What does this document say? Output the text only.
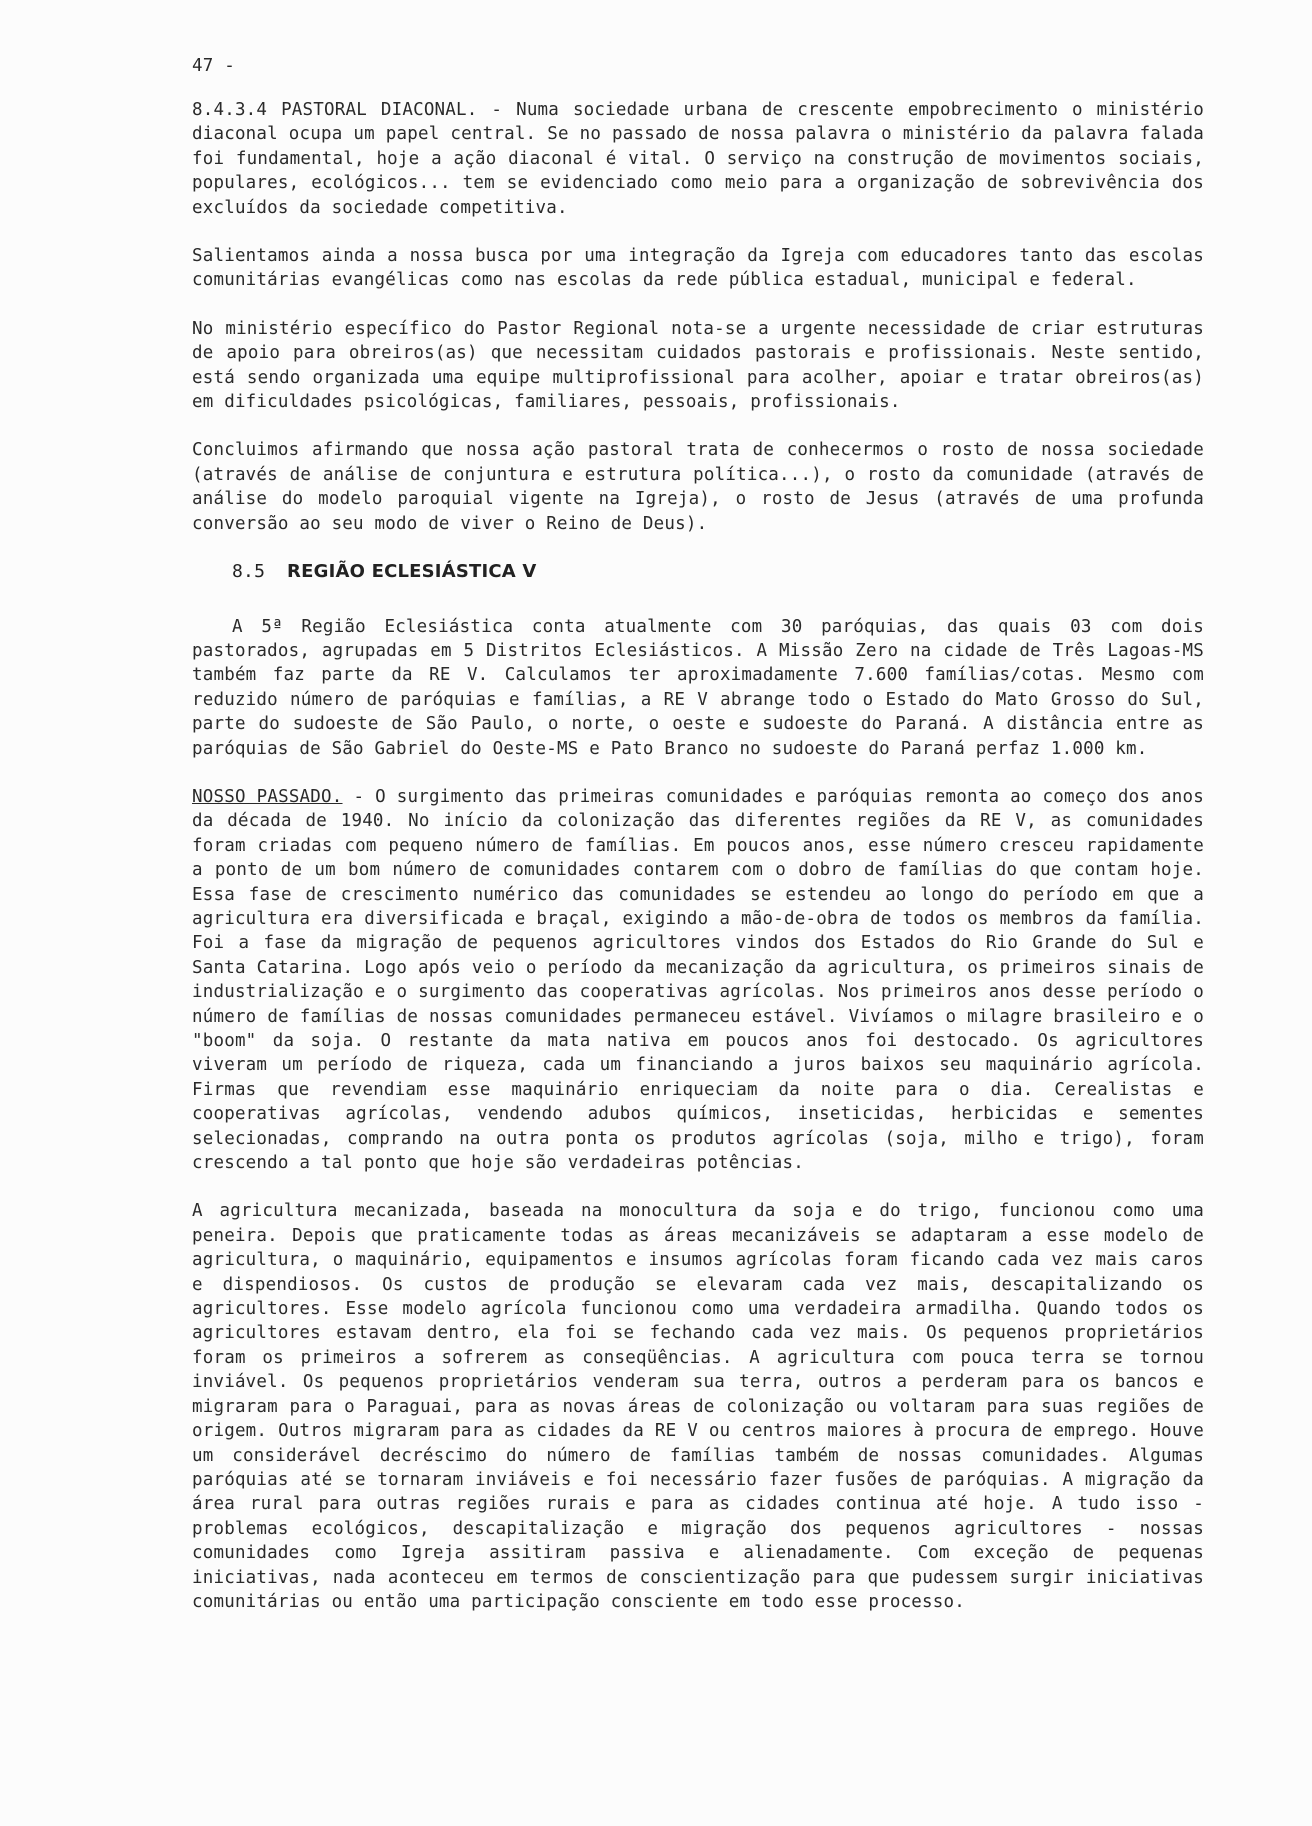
47 -

8.4.3.4 PASTORAL DIACONAL. - Numa sociedade urbana de crescente empobrecimento o ministério diaconal ocupa um papel central. Se no passado de nossa palavra o ministério da palavra falada foi fundamental, hoje a ação diaconal é vital. O serviço na construção de movimentos sociais, populares, ecológicos... tem se evidenciado como meio para a organização de sobrevivência dos excluídos da sociedade competitiva.

Salientamos ainda a nossa busca por uma integração da Igreja com educadores tanto das escolas comunitárias evangélicas como nas escolas da rede pública estadual, municipal e federal.

No ministério específico do Pastor Regional nota-se a urgente necessidade de criar estruturas de apoio para obreiros(as) que necessitam cuidados pastorais e profissionais. Neste sentido, está sendo organizada uma equipe multiprofissional para acolher, apoiar e tratar obreiros(as) em dificuldades psicológicas, familiares, pessoais, profissionais.

Concluimos afirmando que nossa ação pastoral trata de conhecermos o rosto de nossa sociedade (através de análise de conjuntura e estrutura política...), o rosto da comunidade (através de análise do modelo paroquial vigente na Igreja), o rosto de Jesus (através de uma profunda conversão ao seu modo de viver o Reino de Deus).

8.5 REGIÃO ECLESIÁSTICA V

A 5ª Região Eclesiástica conta atualmente com 30 paróquias, das quais 03 com dois pastorados, agrupadas em 5 Distritos Eclesiásticos. A Missão Zero na cidade de Três Lagoas-MS também faz parte da RE V. Calculamos ter aproximadamente 7.600 famílias/cotas. Mesmo com reduzido número de paróquias e famílias, a RE V abrange todo o Estado do Mato Grosso do Sul, parte do sudoeste de São Paulo, o norte, o oeste e sudoeste do Paraná. A distância entre as paróquias de São Gabriel do Oeste-MS e Pato Branco no sudoeste do Paraná perfaz 1.000 km.

NOSSO PASSADO. - O surgimento das primeiras comunidades e paróquias remonta ao começo dos anos da década de 1940. No início da colonização das diferentes regiões da RE V, as comunidades foram criadas com pequeno número de famílias. Em poucos anos, esse número cresceu rapidamente a ponto de um bom número de comunidades contarem com o dobro de famílias do que contam hoje. Essa fase de crescimento numérico das comunidades se estendeu ao longo do período em que a agricultura era diversificada e braçal, exigindo a mão-de-obra de todos os membros da família. Foi a fase da migração de pequenos agricultores vindos dos Estados do Rio Grande do Sul e Santa Catarina. Logo após veio o período da mecanização da agricultura, os primeiros sinais de industrialização e o surgimento das cooperativas agrícolas. Nos primeiros anos desse período o número de famílias de nossas comunidades permaneceu estável. Vivíamos o milagre brasileiro e o "boom" da soja. O restante da mata nativa em poucos anos foi destocado. Os agricultores viveram um período de riqueza, cada um financiando a juros baixos seu maquinário agrícola. Firmas que revendiam esse maquinário enriqueciam da noite para o dia. Cerealistas e cooperativas agrícolas, vendendo adubos químicos, inseticidas, herbicidas e sementes selecionadas, comprando na outra ponta os produtos agrícolas (soja, milho e trigo), foram crescendo a tal ponto que hoje são verdadeiras potências.

A agricultura mecanizada, baseada na monocultura da soja e do trigo, funcionou como uma peneira. Depois que praticamente todas as áreas mecanizáveis se adaptaram a esse modelo de agricultura, o maquinário, equipamentos e insumos agrícolas foram ficando cada vez mais caros e dispendiosos. Os custos de produção se elevaram cada vez mais, descapitalizando os agricultores. Esse modelo agrícola funcionou como uma verdadeira armadilha. Quando todos os agricultores estavam dentro, ela foi se fechando cada vez mais. Os pequenos proprietários foram os primeiros a sofrerem as conseqüências. A agricultura com pouca terra se tornou inviável. Os pequenos proprietários venderam sua terra, outros a perderam para os bancos e migraram para o Paraguai, para as novas áreas de colonização ou voltaram para suas regiões de origem. Outros migraram para as cidades da RE V ou centros maiores à procura de emprego. Houve um considerável decréscimo do número de famílias também de nossas comunidades. Algumas paróquias até se tornaram inviáveis e foi necessário fazer fusões de paróquias. A migração da área rural para outras regiões rurais e para as cidades continua até hoje. A tudo isso - problemas ecológicos, descapitalização e migração dos pequenos agricultores - nossas comunidades como Igreja assitiram passiva e alienadamente. Com exceção de pequenas iniciativas, nada aconteceu em termos de conscientização para que pudessem surgir iniciativas comunitárias ou então uma participação consciente em todo esse processo.
